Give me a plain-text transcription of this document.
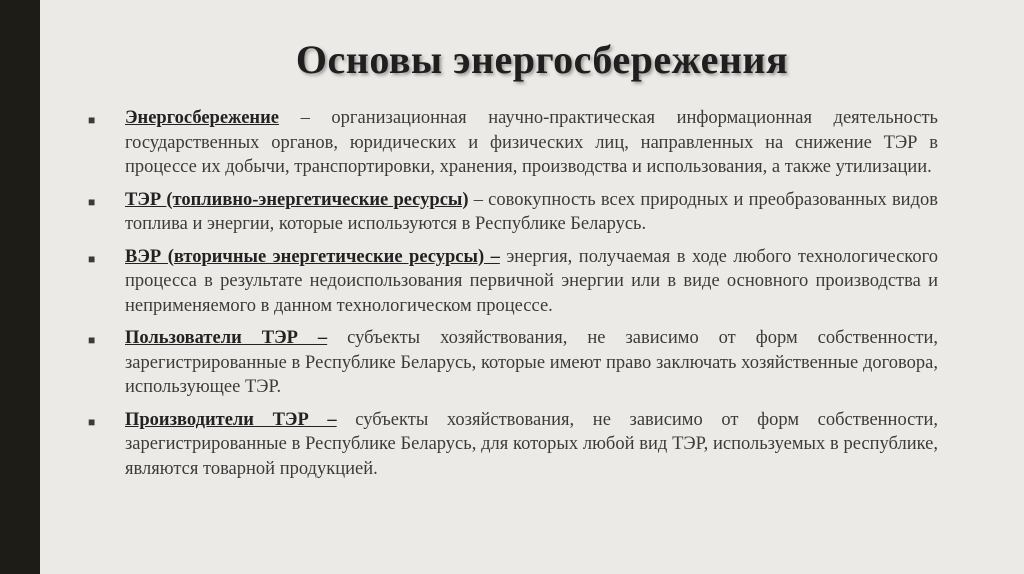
Основы энергосбережения
■ Энергосбережение – организационная научно-практическая информационная деятельность государственных органов, юридических и физических лиц, направленных на снижение ТЭР в процессе их добычи, транспортировки, хранения, производства и использования, а также утилизации.
■ ТЭР (топливно-энергетические ресурсы) – совокупность всех природных и преобразованных видов топлива и энергии, которые используются в Республике Беларусь.
■ ВЭР (вторичные энергетические ресурсы) – энергия, получаемая в ходе любого технологического процесса в результате недоиспользования первичной энергии или в виде основного производства и неприменяемого в данном технологическом процессе.
■ Пользователи ТЭР – субъекты хозяйствования, не зависимо от форм собственности, зарегистрированные в Республике Беларусь, которые имеют право заключать хозяйственные договора, использующее ТЭР.
■ Производители ТЭР – субъекты хозяйствования, не зависимо от форм собственности, зарегистрированные в Республике Беларусь, для которых любой вид ТЭР, используемых в республике, являются товарной продукцией.
